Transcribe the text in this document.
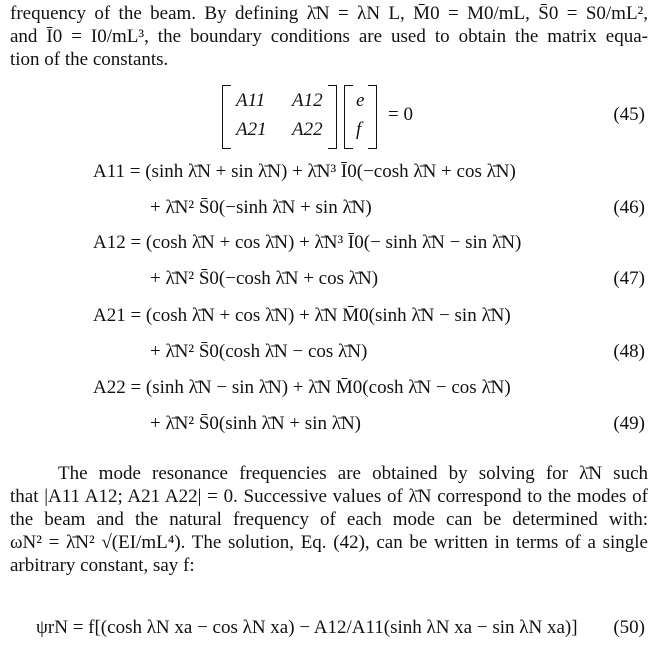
frequency of the beam. By defining λ̄N = λN L, M̄0 = M0/mL, S̄0 = S0/mL²,
and Ī0 = I0/mL³, the boundary conditions are used to obtain the matrix equa-
tion of the constants.
A11 A12
A21 A22
e
f
= 0	(45)
A11 = (sinh λ̄N + sin λ̄N) + λ̄N³ Ī0(−cosh λ̄N + cos λ̄N)
+ λ̄N² S̄0(−sinh λ̄N + sin λ̄N)	(46)
A12 = (cosh λ̄N + cos λ̄N) + λ̄N³ Ī0(− sinh λ̄N − sin λ̄N)
+ λ̄N² S̄0(−cosh λ̄N + cos λ̄N)	(47)
A21 = (cosh λ̄N + cos λ̄N) + λ̄N M̄0(sinh λ̄N − sin λ̄N)
+ λ̄N² S̄0(cosh λ̄N − cos λ̄N)	(48)
A22 = (sinh λ̄N − sin λ̄N) + λ̄N M̄0(cosh λ̄N − cos λ̄N)
+ λ̄N² S̄0(sinh λ̄N + sin λ̄N)	(49)
The mode resonance frequencies are obtained by solving for λ̄N such
that |A11 A12; A21 A22| = 0. Successive values of λ̄N correspond to the modes of
the beam and the natural frequency of each mode can be determined with:
ωN² = λ̄N² √(EI/mL⁴). The solution, Eq. (42), can be written in terms of a single
arbitrary constant, say f:
ψrN = f[(cosh λN xa − cos λN xa) − A12/A11(sinh λN xa − sin λN xa)] (50)
